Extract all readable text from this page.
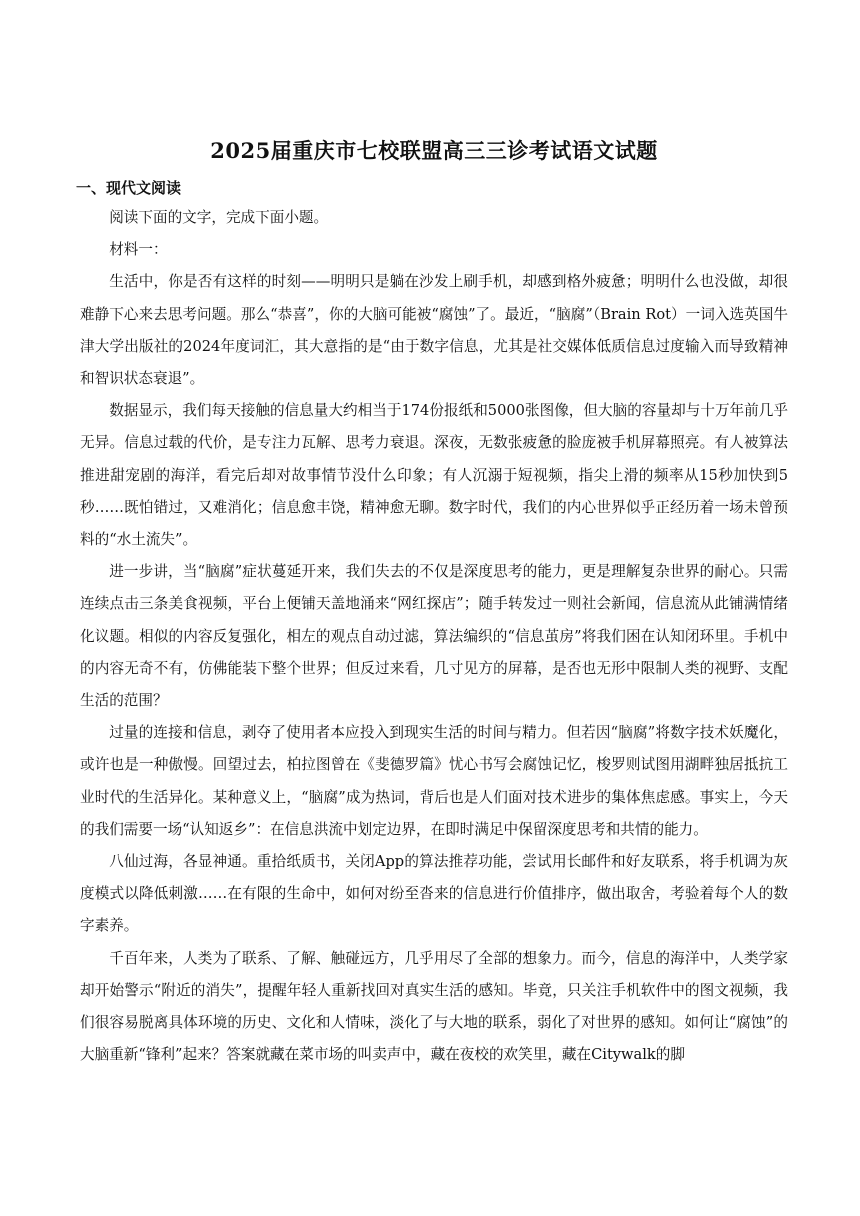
2025届重庆市七校联盟高三三诊考试语文试题
一、现代文阅读

阅读下面的文字，完成下面小题。

材料一：

生活中，你是否有这样的时刻——明明只是躺在沙发上刷手机，却感到格外疲惫；明明什么也没做，却很难静下心来去思考问题。那么“恭喜”，你的大脑可能被“腐蚀”了。最近，“脑腐”（Brain Rot）一词入选英国牛津大学出版社的2024年度词汇，其大意指的是“由于数字信息，尤其是社交媒体低质信息过度输入而导致精神和智识状态衰退”。

数据显示，我们每天接触的信息量大约相当于174份报纸和5000张图像，但大脑的容量却与十万年前几乎无异。信息过载的代价，是专注力瓦解、思考力衰退。深夜，无数张疲惫的脸庞被手机屏幕照亮。有人被算法推进甜宠剧的海洋，看完后却对故事情节没什么印象；有人沉溺于短视频，指尖上滑的频率从15秒加快到5秒……既怕错过，又难消化；信息愈丰饶，精神愈无聊。数字时代，我们的内心世界似乎正经历着一场未曾预料的“水土流失”。

进一步讲，当“脑腐”症状蔓延开来，我们失去的不仅是深度思考的能力，更是理解复杂世界的耐心。只需连续点击三条美食视频，平台上便铺天盖地涌来“网红探店”；随手转发过一则社会新闻，信息流从此铺满情绪化议题。相似的内容反复强化，相左的观点自动过滤，算法编织的“信息茧房”将我们困在认知闭环里。手机中的内容无奇不有，仿佛能装下整个世界；但反过来看，几寸见方的屏幕，是否也无形中限制人类的视野、支配生活的范围？

过量的连接和信息，剥夺了使用者本应投入到现实生活的时间与精力。但若因“脑腐”将数字技术妖魔化，或许也是一种傲慢。回望过去，柏拉图曾在《斐德罗篇》忧心书写会腐蚀记忆，梭罗则试图用湖畔独居抵抗工业时代的生活异化。某种意义上，“脑腐”成为热词，背后也是人们面对技术进步的集体焦虑感。事实上，今天的我们需要一场“认知返乡”：在信息洪流中划定边界，在即时满足中保留深度思考和共情的能力。

八仙过海，各显神通。重拾纸质书，关闭App的算法推荐功能，尝试用长邮件和好友联系，将手机调为灰度模式以降低刺激……在有限的生命中，如何对纷至沓来的信息进行价值排序，做出取舍，考验着每个人的数字素养。

千百年来，人类为了联系、了解、触碰远方，几乎用尽了全部的想象力。而今，信息的海洋中，人类学家却开始警示“附近的消失”，提醒年轻人重新找回对真实生活的感知。毕竟，只关注手机软件中的图文视频，我们很容易脱离具体环境的历史、文化和人情味，淡化了与大地的联系，弱化了对世界的感知。如何让“腐蚀”的大脑重新“锋利”起来？答案就藏在菜市场的叫卖声中，藏在夜校的欢笑里，藏在Citywalk的脚
